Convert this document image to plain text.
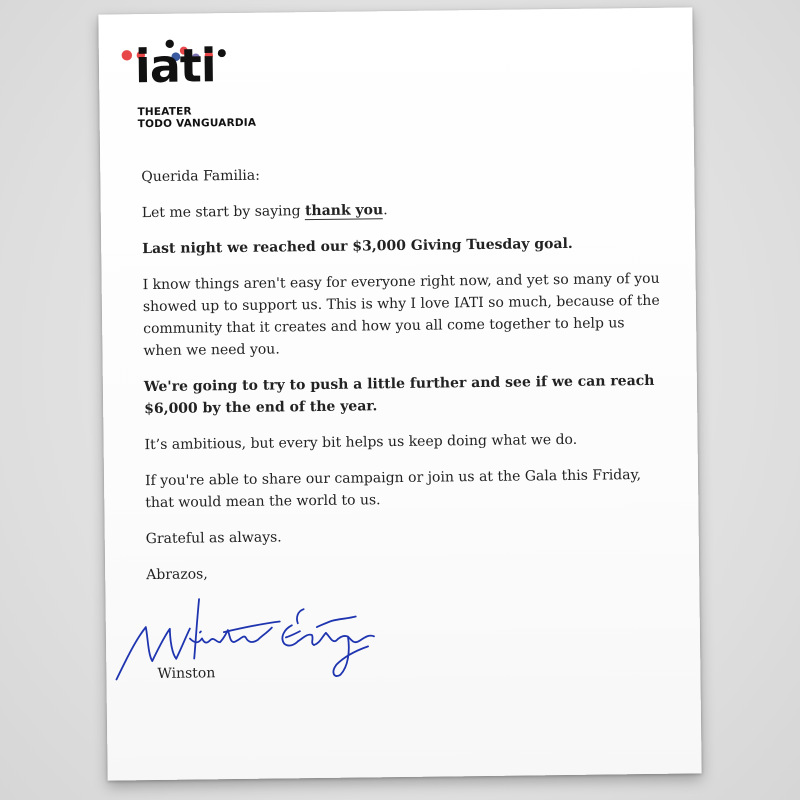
iati
THEATER
TODO VANGUARDIA

Querida Familia:

Let me start by saying thank you.

Last night we reached our $3,000 Giving Tuesday goal.

I know things aren't easy for everyone right now, and yet so many of you showed up to support us. This is why I love IATI so much, because of the community that it creates and how you all come together to help us when we need you.

We're going to try to push a little further and see if we can reach $6,000 by the end of the year.

It’s ambitious, but every bit helps us keep doing what we do.

If you're able to share our campaign or join us at the Gala this Friday, that would mean the world to us.

Grateful as always.

Abrazos,

Winston
